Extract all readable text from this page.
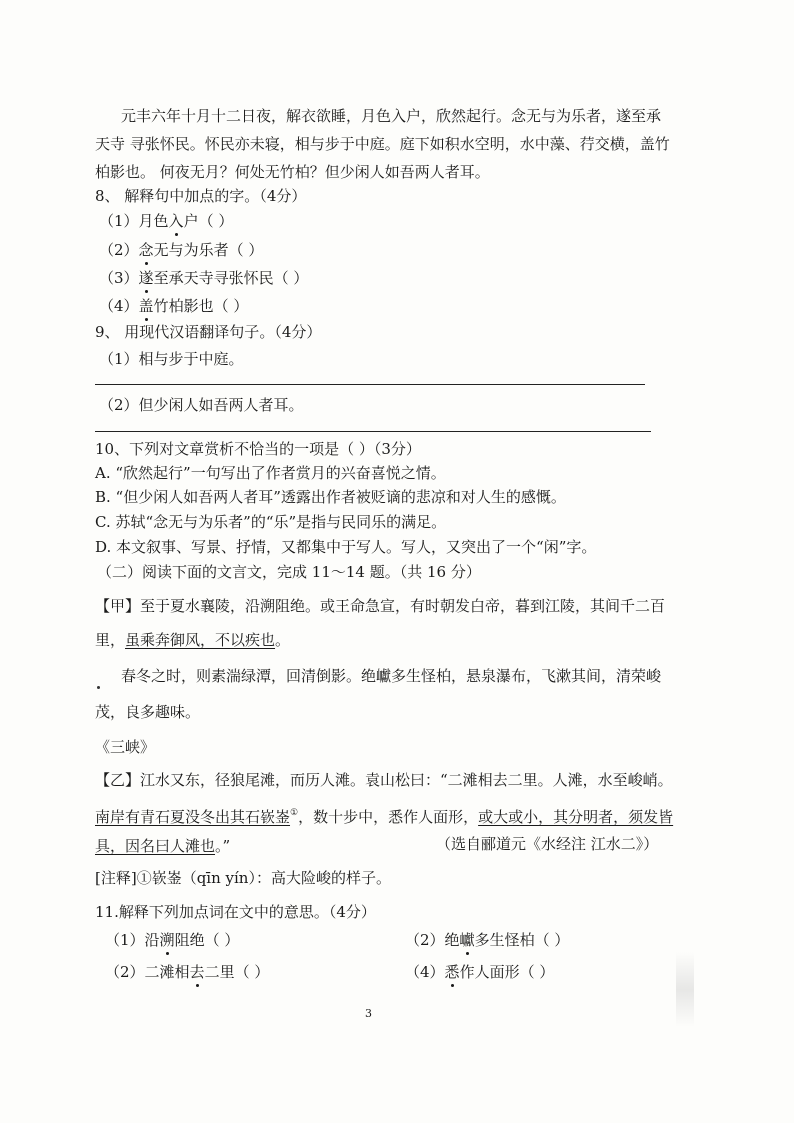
元丰六年十月十二日夜，解衣欲睡，月色入户，欣然起行。念无与为乐者，遂至承
天寺 寻张怀民。怀民亦未寝，相与步于中庭。庭下如积水空明，水中藻、荇交横，盖竹
柏影也。 何夜无月？何处无竹柏？但少闲人如吾两人者耳。
8、 解释句中加点的字。（4分）
（1）月色入户（ ）
（2）念无与为乐者（ ）
（3）遂至承天寺寻张怀民（ ）
（4）盖竹柏影也（ ）
9、 用现代汉语翻译句子。（4分）
（1）相与步于中庭。
（2）但少闲人如吾两人者耳。
10、下列对文章赏析不恰当的一项是（ ）（3分）
A. “欣然起行”一句写出了作者赏月的兴奋喜悦之情。
B. “但少闲人如吾两人者耳”透露出作者被贬谪的悲凉和对人生的感慨。
C. 苏轼“念无与为乐者”的“乐”是指与民同乐的满足。
D. 本文叙事、写景、抒情，又都集中于写人。写人，又突出了一个“闲”字。
（二）阅读下面的文言文，完成 11～14 题。（共 16 分）
【甲】至于夏水襄陵，沿溯阻绝。或王命急宣，有时朝发白帝，暮到江陵，其间千二百
里，虽乘奔御风，不以疾也。
春冬之时，则素湍绿潭，回清倒影。绝巘多生怪柏，悬泉瀑布，飞漱其间，清荣峻
茂，良多趣味。
《三峡》
【乙】江水又东，径狼尾滩，而历人滩。袁山松曰：“二滩相去二里。人滩，水至峻峭。
南岸有青石夏没冬出其石嵚崟①，数十步中，悉作人面形，或大或小，其分明者，须发皆
具，因名曰人滩也。”	（选自郦道元《水经注 江水二》）
[注释]①嵚崟（qīn yín）：高大险峻的样子。
11.解释下列加点词在文中的意思。（4分）
（1）沿溯阻绝（ ）	（2）绝巘多生怪柏（ ）
（2）二滩相去二里（ ）	（4）悉作人面形（ ）
3
